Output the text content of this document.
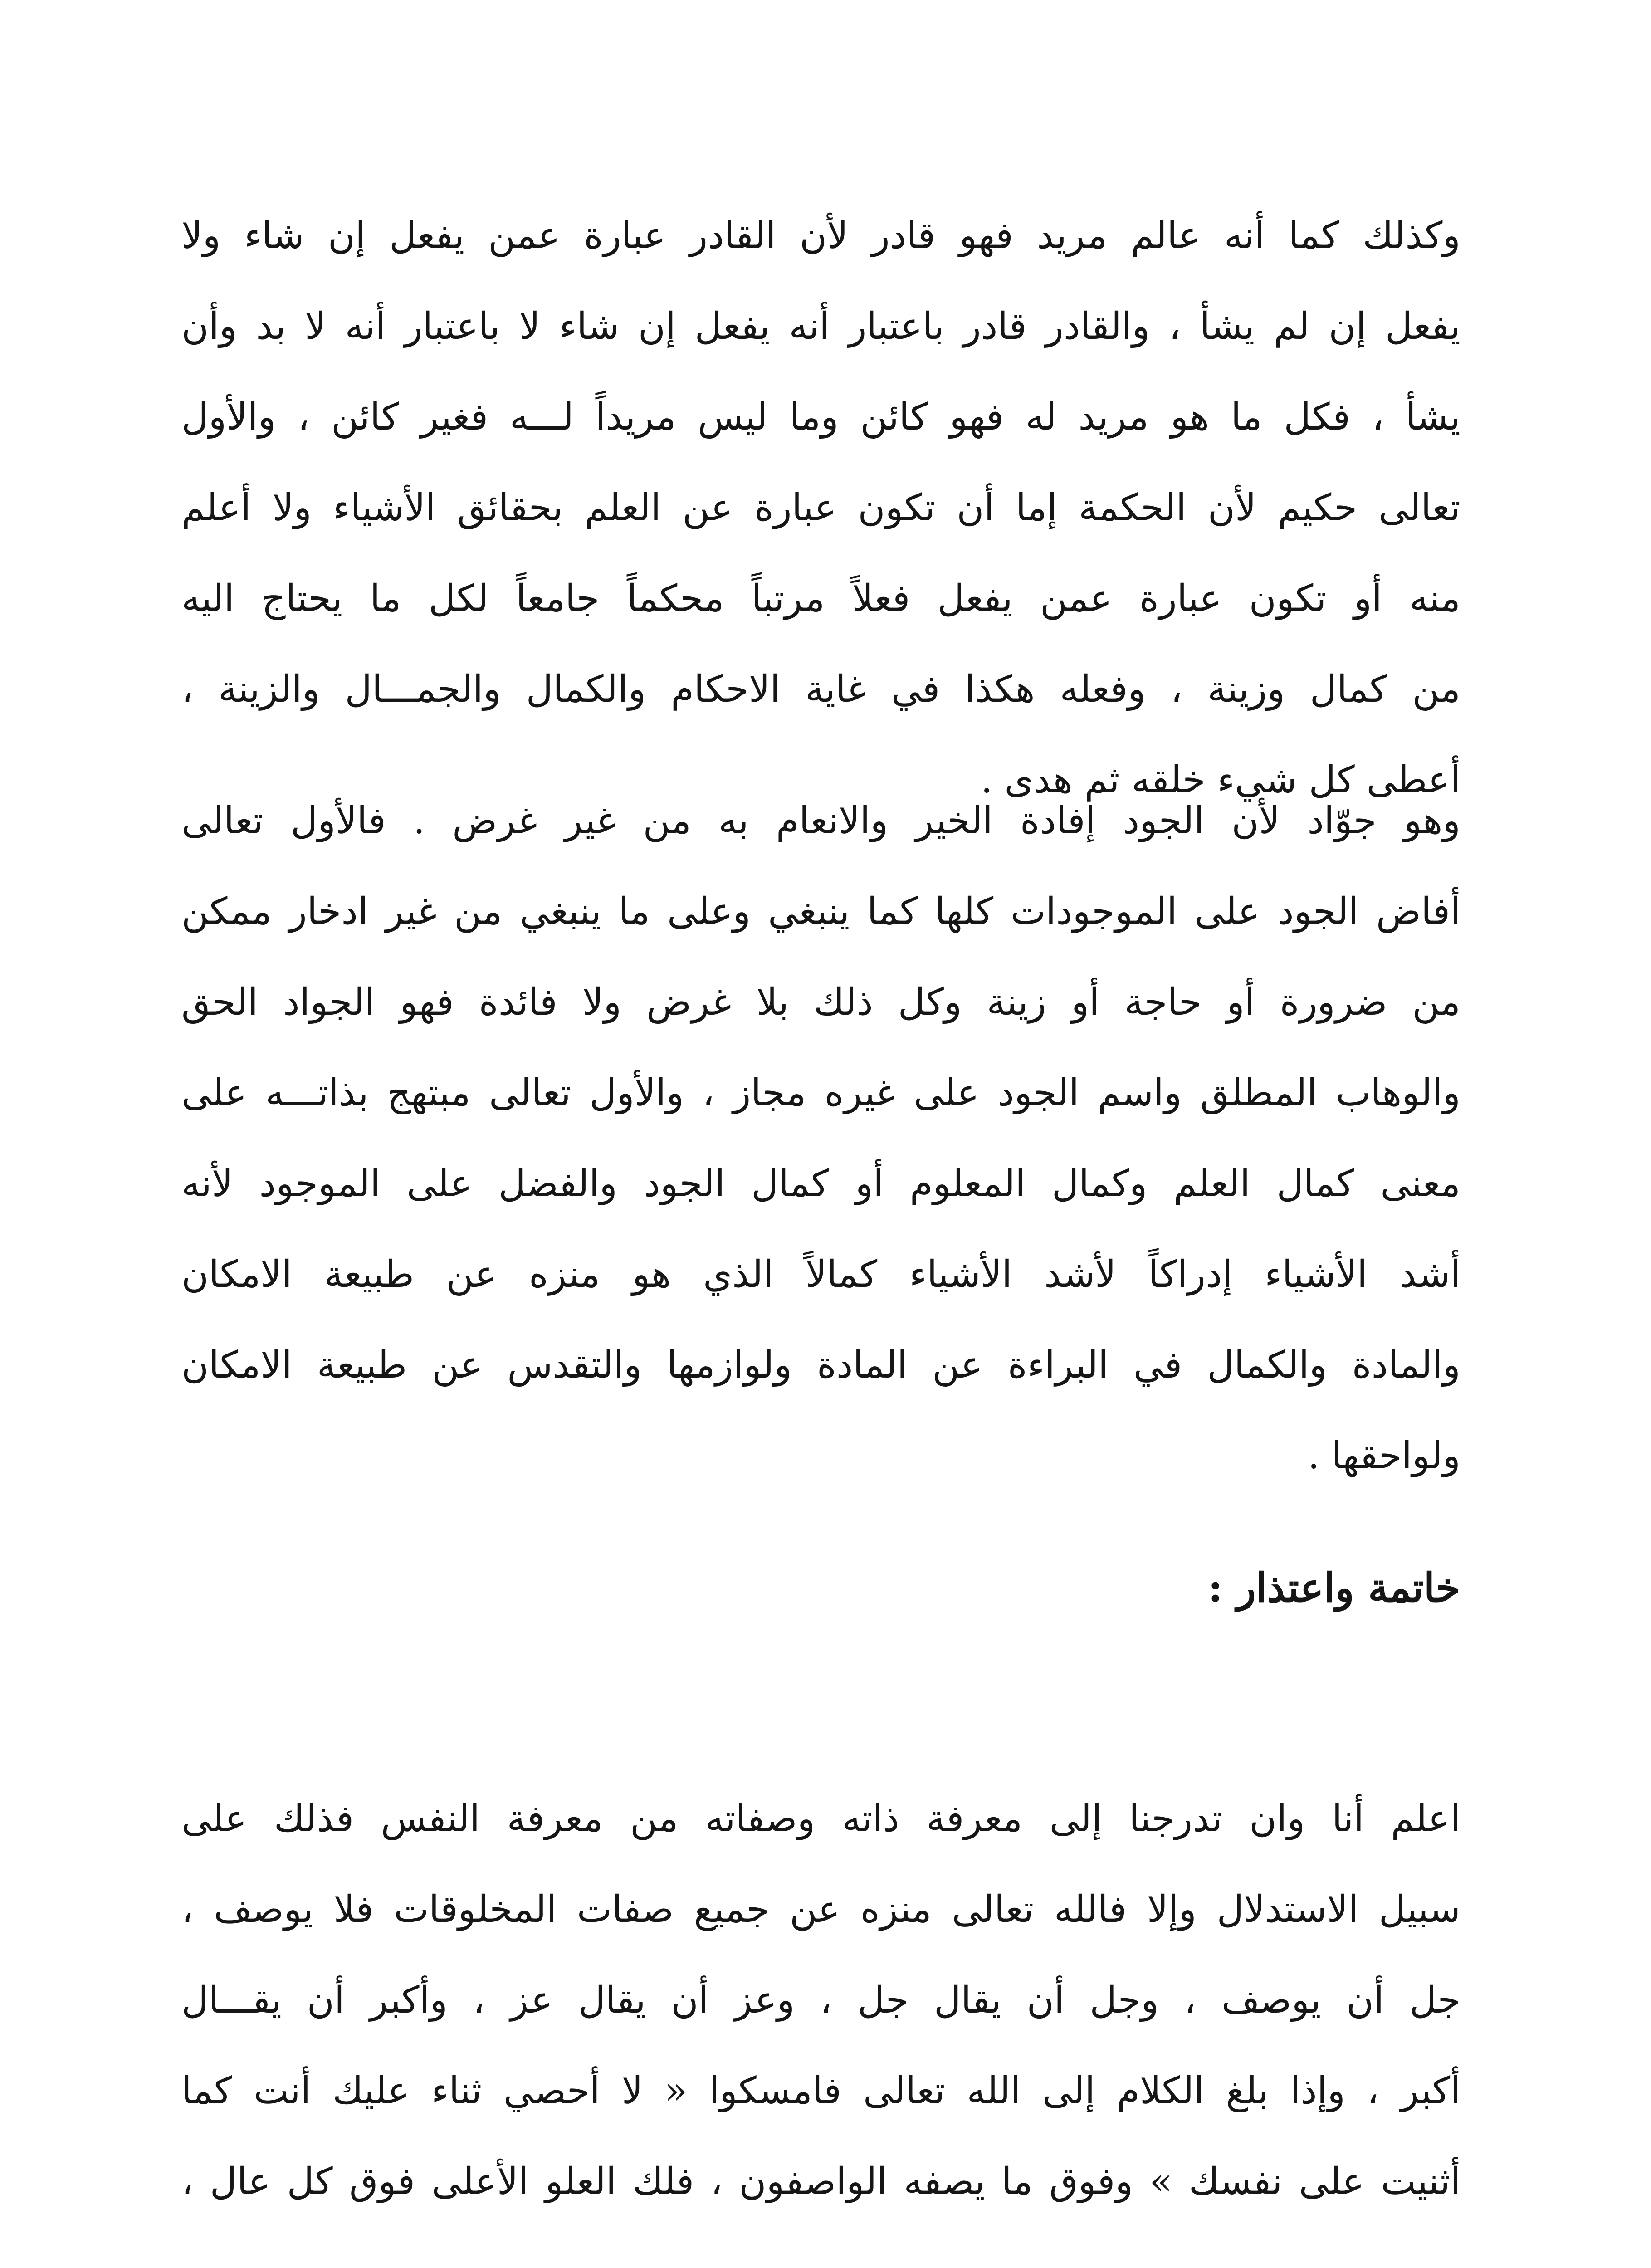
وكذلك كما أنه عالم مريد فهو قادر لأن القادر عبارة عمن يفعل إن شاء ولا
يفعل إن لم يشأ ، والقادر قادر باعتبار أنه يفعل إن شاء لا باعتبار أنه لا بد وأن
يشأ ، فكل ما هو مريد له فهو كائن وما ليس مريداً لـــه فغير كائن ، والأول
تعالى حكيم لأن الحكمة إما أن تكون عبارة عن العلم بحقائق الأشياء ولا أعلم
منه أو تكون عبارة عمن يفعل فعلاً مرتباً محكماً جامعاً لكل ما يحتاج اليه
من كمال وزينة ، وفعله هكذا في غاية الاحكام والكمال والجمـــال والزينة ،
أعطى كل شيء خلقه ثم هدى .
وهو جوّاد لأن الجود إفادة الخير والانعام به من غير غرض . فالأول تعالى
أفاض الجود على الموجودات كلها كما ينبغي وعلى ما ينبغي من غير ادخار ممكن
من ضرورة أو حاجة أو زينة وكل ذلك بلا غرض ولا فائدة فهو الجواد الحق
والوهاب المطلق واسم الجود على غيره مجاز ، والأول تعالى مبتهج بذاتـــه على
معنى كمال العلم وكمال المعلوم أو كمال الجود والفضل على الموجود لأنه
أشد الأشياء إدراكاً لأشد الأشياء كمالاً الذي هو منزه عن طبيعة الامكان
والمادة والكمال في البراءة عن المادة ولوازمها والتقدس عن طبيعة الامكان
ولواحقها .
خاتمة واعتذار :
اعلم أنا وان تدرجنا إلى معرفة ذاته وصفاته من معرفة النفس فذلك على
سبيل الاستدلال وإلا فالله تعالى منزه عن جميع صفات المخلوقات فلا يوصف ،
جل أن يوصف ، وجل أن يقال جل ، وعز أن يقال عز ، وأكبر أن يقـــال
أكبر ، وإذا بلغ الكلام إلى الله تعالى فامسكوا « لا أحصي ثناء عليك أنت كما
أثنيت على نفسك » وفوق ما يصفه الواصفون ، فلك العلو الأعلى فوق كل عال ،
